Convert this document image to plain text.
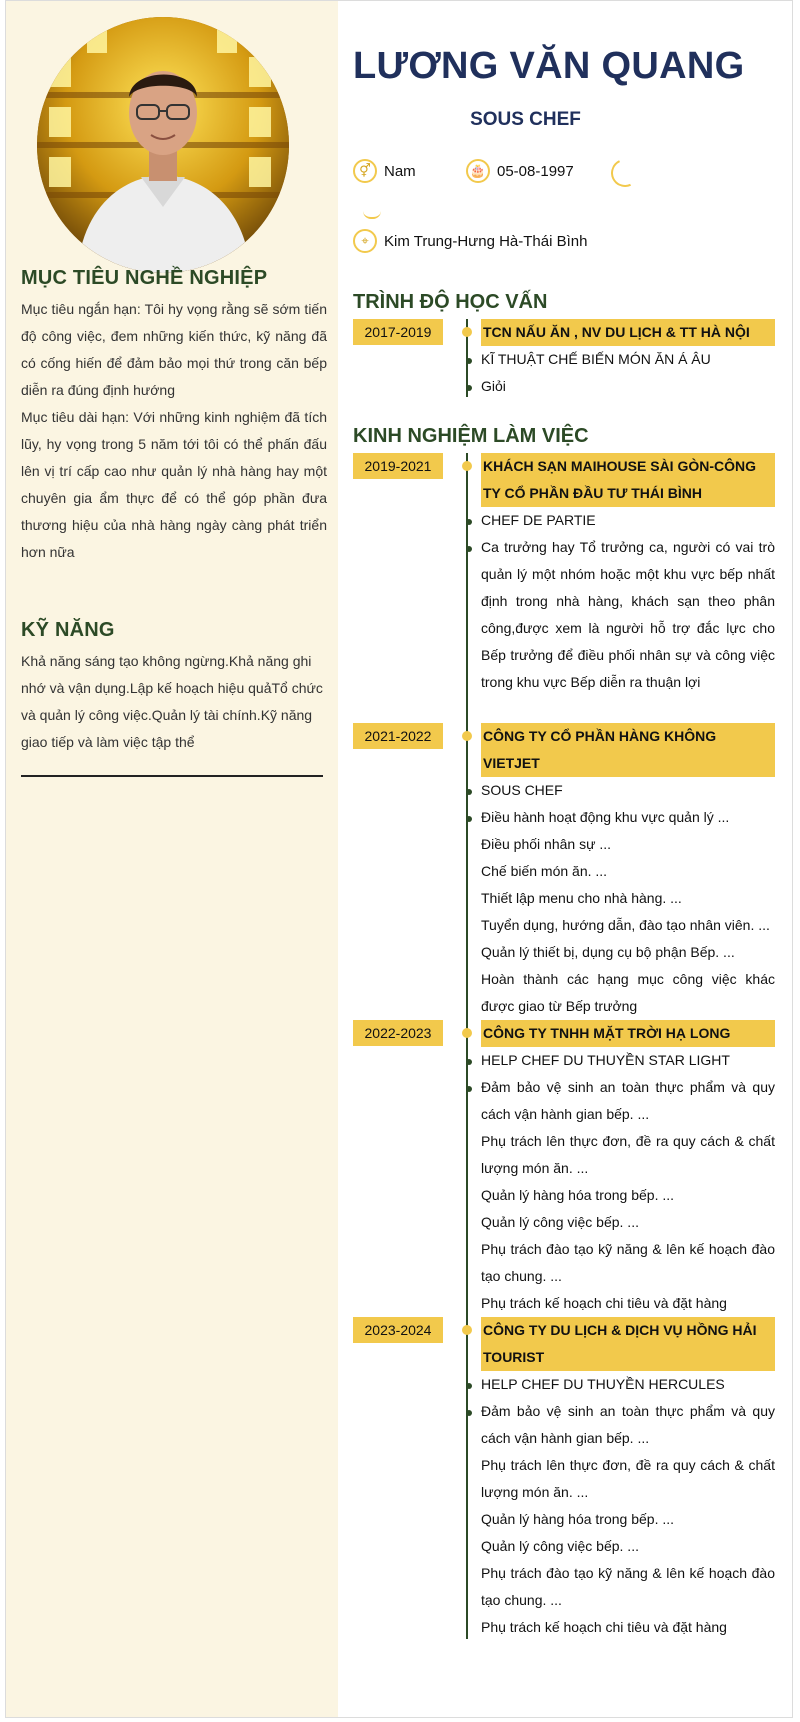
MỤC TIÊU NGHỀ NGHIỆP

Mục tiêu ngắn hạn: Tôi hy vọng rằng sẽ sớm tiến độ công việc, đem những kiến thức, kỹ năng đã có cống hiến để đảm bảo mọi thứ trong căn bếp diễn ra đúng định hướng

Mục tiêu dài hạn: Với những kinh nghiệm đã tích lũy, hy vọng trong 5 năm tới tôi có thể phấn đấu lên vị trí cấp cao như quản lý nhà hàng hay một chuyên gia ẩm thực để có thể góp phần đưa thương hiệu của nhà hàng ngày càng phát triển hơn nữa

KỸ NĂNG

Khả năng sáng tạo không ngừng.Khả năng ghi nhớ và vận dụng.Lập kế hoạch hiệu quảTổ chức và quản lý công việc.Quản lý tài chính.Kỹ năng giao tiếp và làm việc tập thể

LƯƠNG VĂN QUANG
SOUS CHEF
⚥ Nam	🎂 05-08-1997
⌖	Kim Trung-Hưng Hà-Thái Bình
TRÌNH ĐỘ HỌC VẤN
2017-2019	TCN NẤU ĂN , NV DU LỊCH & TT HÀ NỘI
KĨ THUẬT CHẾ BIẾN MÓN ĂN Á ÂU
Giỏi
KINH NGHIỆM LÀM VIỆC
2019-2021	KHÁCH SẠN MAIHOUSE SÀI GÒN-CÔNG TY CỔ PHẦN ĐẦU TƯ THÁI BÌNH
CHEF DE PARTIE
Ca trưởng hay Tổ trưởng ca, người có vai trò quản lý một nhóm hoặc một khu vực bếp nhất định trong nhà hàng, khách sạn theo phân công,được xem là người hỗ trợ đắc lực cho Bếp trưởng để điều phối nhân sự và công việc trong khu vực Bếp diễn ra thuận lợi
2021-2022	CÔNG TY CỔ PHẦN HÀNG KHÔNG VIETJET
SOUS CHEF
Điều hành hoạt động khu vực quản lý ...
Điều phối nhân sự ...
Chế biến món ăn. ...
Thiết lập menu cho nhà hàng. ...
Tuyển dụng, hướng dẫn, đào tạo nhân viên. ...
Quản lý thiết bị, dụng cụ bộ phận Bếp. ...
Hoàn thành các hạng mục công việc khác được giao từ Bếp trưởng
2022-2023	CÔNG TY TNHH MẶT TRỜI HẠ LONG
HELP CHEF DU THUYỀN STAR LIGHT
Đảm bảo vệ sinh an toàn thực phẩm và quy cách vận hành gian bếp. ...
Phụ trách lên thực đơn, đề ra quy cách & chất lượng món ăn. ...
Quản lý hàng hóa trong bếp. ...
Quản lý công việc bếp. ...
Phụ trách đào tạo kỹ năng & lên kế hoạch đào tạo chung. ...
Phụ trách kế hoạch chi tiêu và đặt hàng
2023-2024	CÔNG TY DU LỊCH & DỊCH VỤ HỒNG HẢI TOURIST
HELP CHEF DU THUYỀN HERCULES
Đảm bảo vệ sinh an toàn thực phẩm và quy cách vận hành gian bếp. ...
Phụ trách lên thực đơn, đề ra quy cách & chất lượng món ăn. ...
Quản lý hàng hóa trong bếp. ...
Quản lý công việc bếp. ...
Phụ trách đào tạo kỹ năng & lên kế hoạch đào tạo chung. ...
Phụ trách kế hoạch chi tiêu và đặt hàng
